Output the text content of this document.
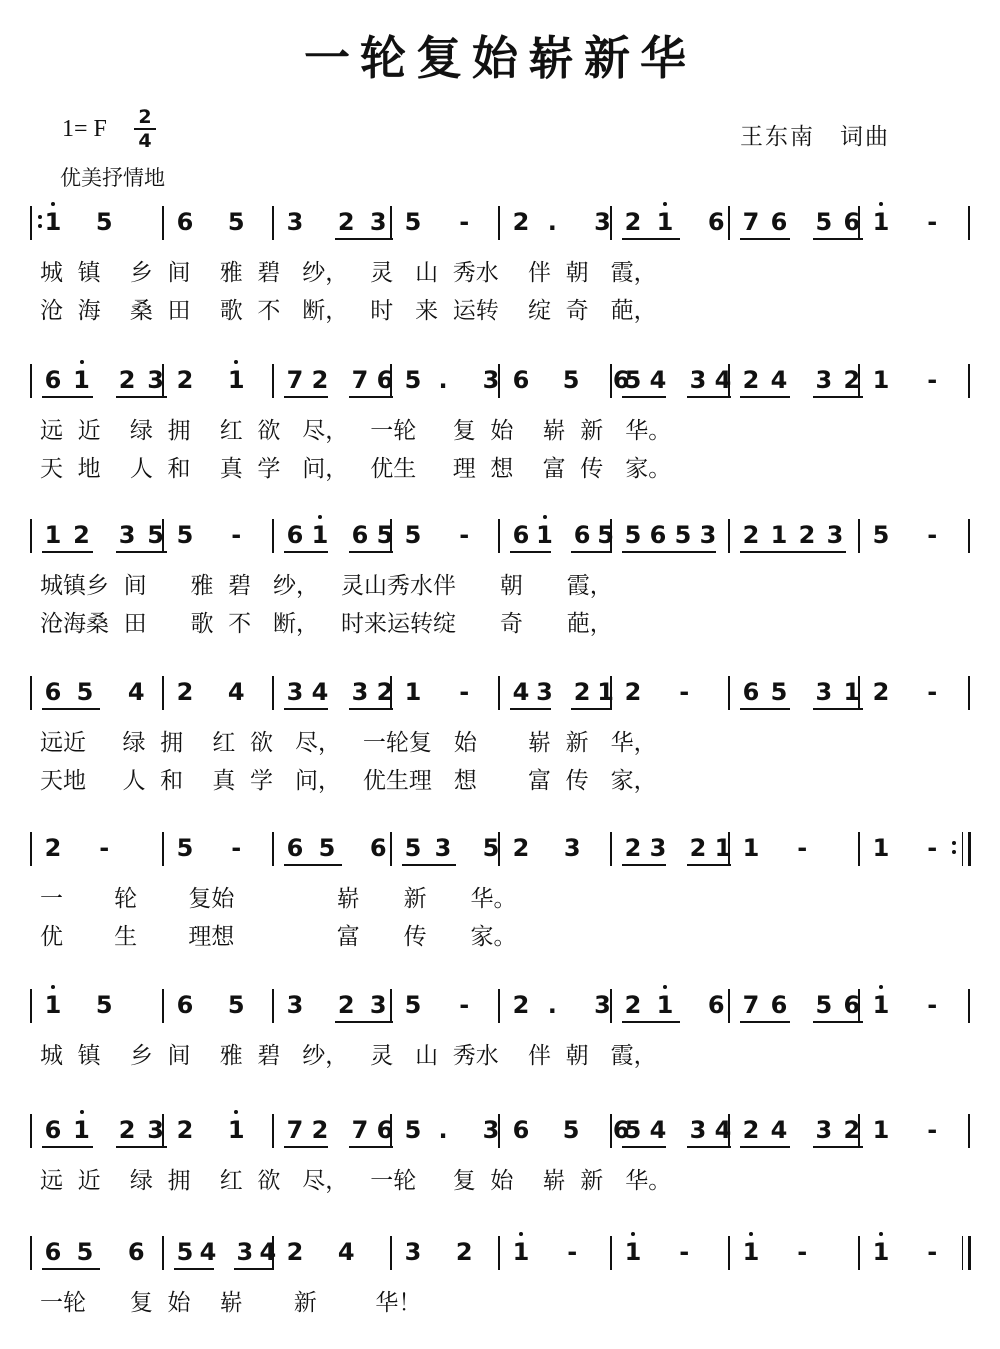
一轮复始崭新华
1= F $\frac{2}{4}$
优美抒情地
王东南　词曲
1 5	6 5 3 2 3 5 - 2 . 3 2 1 6 7 6 5 6 1 -
城  镇    乡  间    雅  碧   纱，   灵   山  秀水    伴  朝   霞，
沧  海    桑  田    歌  不   断，   时   来  运转    绽  奇   葩，
6 1 2 3 2 1 7 2 7 6 5 . 3 6 5 6
5 4 3 4 2 4 3 2 1 -
远  近    绿  拥    红  欲   尽，   一轮     复  始    崭  新   华。
天  地    人  和    真  学   问，   优生     理  想    富  传   家。
1 2 3 5 5 - 6 1 6 5 5 - 6 1 6 5 5 6 5 3 2 1 2 3 5 -
城镇乡  间      雅  碧   纱，   灵山秀水伴      朝      霞，
沧海桑  田      歌  不   断，   时来运转绽      奇      葩，
6 5 4 2 4 3 4 3 2 1 - 4 3 2 1 2 - 6 5 3 1 2 -
远近     绿  拥    红  欲   尽，   一轮复   始       崭  新   华，
天地     人  和    真  学   问，   优生理   想       富  传   家，
2 -	5 - 6 5 6 5 3 5 2 3 2 3 2 1 1 -	1 -
一       轮       复始              崭      新      华。
优       生       理想              富      传      家。
1 5	6 5 3 2 3 5 - 2 . 3 2 1 6 7 6 5 6 1 -
城  镇    乡  间    雅  碧   纱，   灵   山  秀水    伴  朝   霞，
6 1 2 3 2 1 7 2 7 6 5 . 3 6 5 6
5 4 3 4 2 4 3 2 1 -
远  近    绿  拥    红  欲   尽，   一轮     复  始    崭  新   华。
6 5 6 5 4 3 4 2 4 3 2 1 - 1 - 1 -	1 -
一轮      复  始    崭       新        华！
